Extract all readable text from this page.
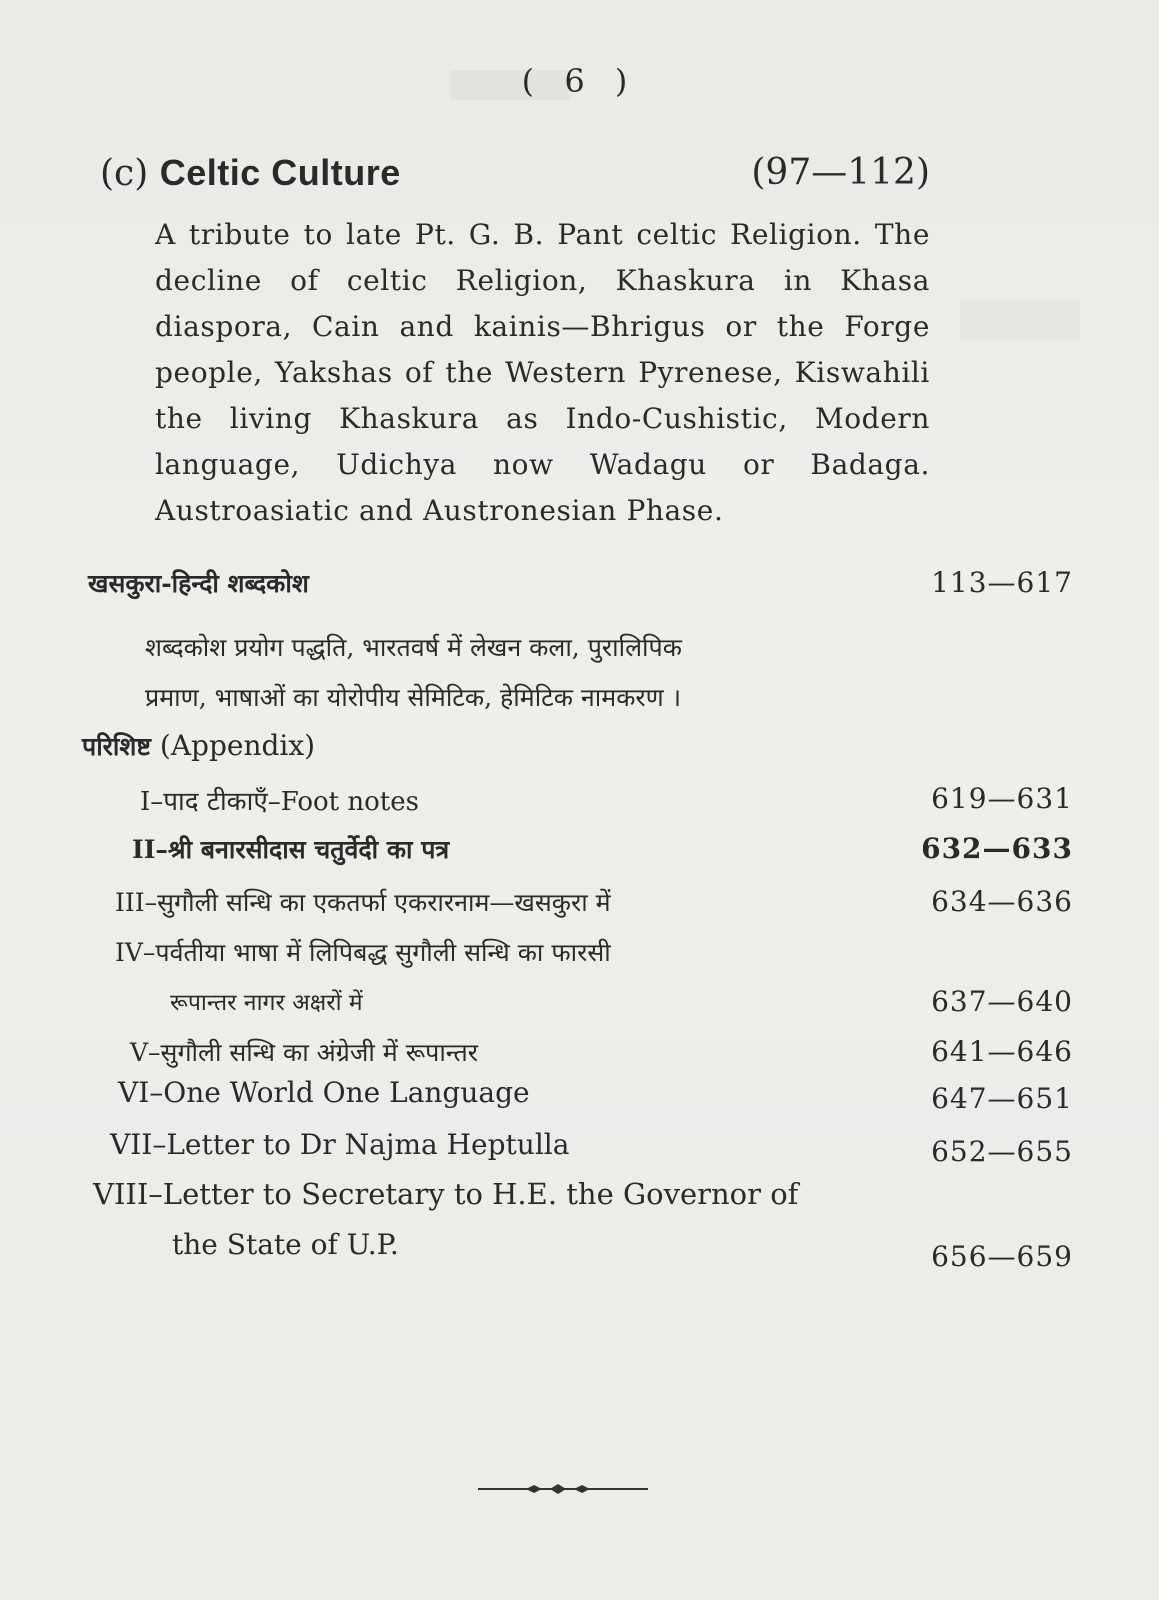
( 6 )
(c) Celtic Culture	(97—112)
A tribute to late Pt. G. B. Pant celtic Religion. The decline of celtic Religion, Khaskura in Khasa diaspora, Cain and kainis—Bhrigus or the Forge people, Yakshas of the Western Pyrenese, Kiswahili the living Khaskura as Indo-Cushistic, Modern language, Udichya now Wadagu or Badaga. Austroasiatic and Austronesian Phase.
खसकुरा-हिन्दी शब्दकोश	113—617
शब्दकोश प्रयोग पद्धति, भारतवर्ष में लेखन कला, पुरालिपिक
प्रमाण, भाषाओं का योरोपीय सेमिटिक, हेमिटिक नामकरण ।
परिशिष्ट (Appendix)
I–पाद टीकाएँ–Foot notes	619—631
II–श्री बनारसीदास चतुर्वेदी का पत्र	632—633
III–सुगौली सन्धि का एकतर्फा एकरारनाम—खसकुरा में	634—636
IV–पर्वतीया भाषा में लिपिबद्ध सुगौली सन्धि का फारसी
रूपान्तर नागर अक्षरों में	637—640
V–सुगौली सन्धि का अंग्रेजी में रूपान्तर	641—646
VI–One World One Language	647—651
VII–Letter to Dr Najma Heptulla	652—655
VIII–Letter to Secretary to H.E. the Governor of
the State of U.P.	656—659
